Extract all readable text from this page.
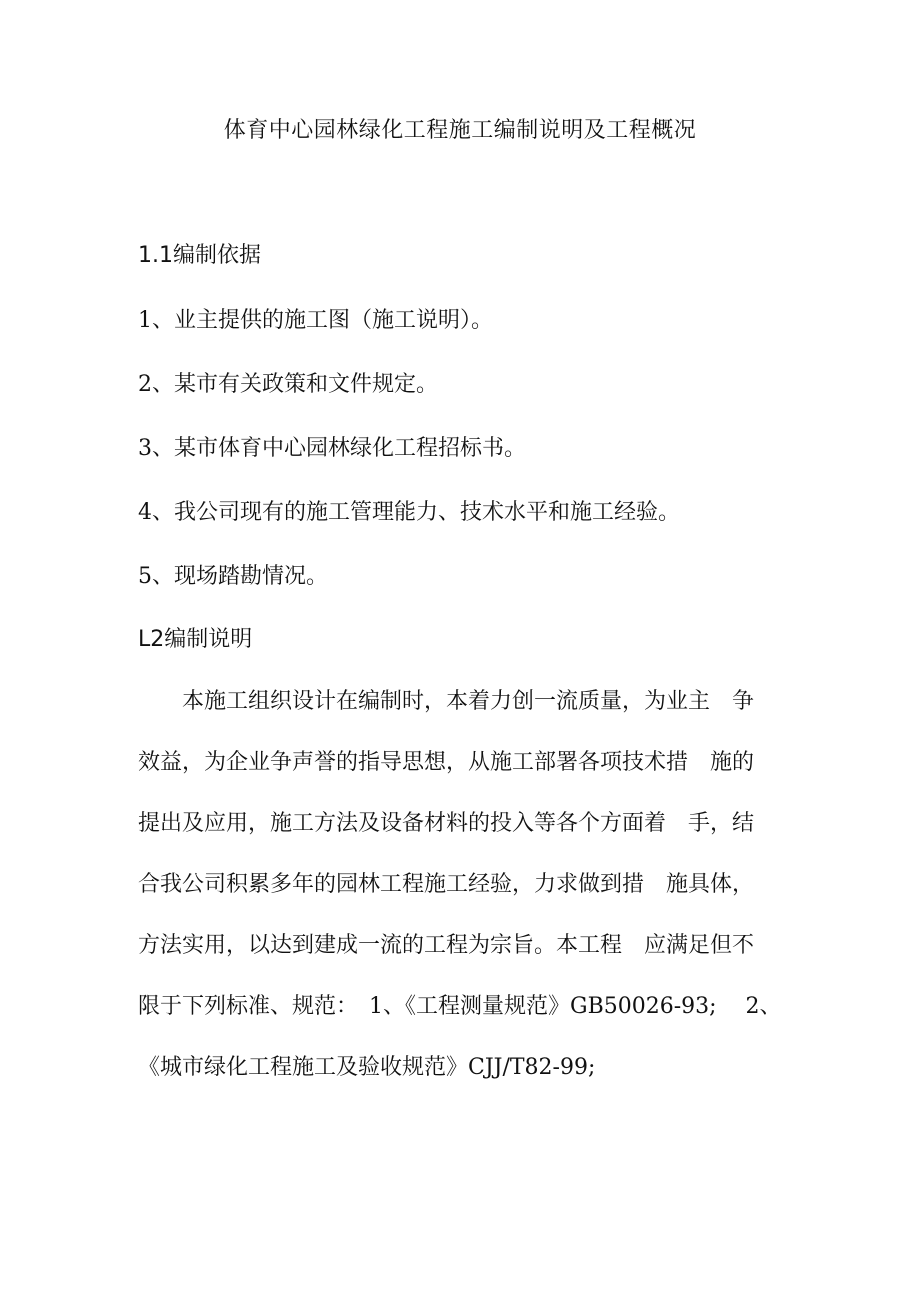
体育中心园林绿化工程施工编制说明及工程概况
1.1编制依据
1、业主提供的施工图（施工说明）。
2、某市有关政策和文件规定。
3、某市体育中心园林绿化工程招标书。
4、我公司现有的施工管理能力、技术水平和施工经验。
5、现场踏勘情况。
L2编制说明
　　本施工组织设计在编制时，本着力创一流质量，为业主　争
效益，为企业争声誉的指导思想，从施工部署各项技术措　施的
提出及应用，施工方法及设备材料的投入等各个方面着　手，结
合我公司积累多年的园林工程施工经验，力求做到措　施具体，
方法实用，以达到建成一流的工程为宗旨。本工程　应满足但不
限于下列标准、规范：　1、《工程测量规范》GB50026-93;　 2、
《城市绿化工程施工及验收规范》CJJ/T82-99;
